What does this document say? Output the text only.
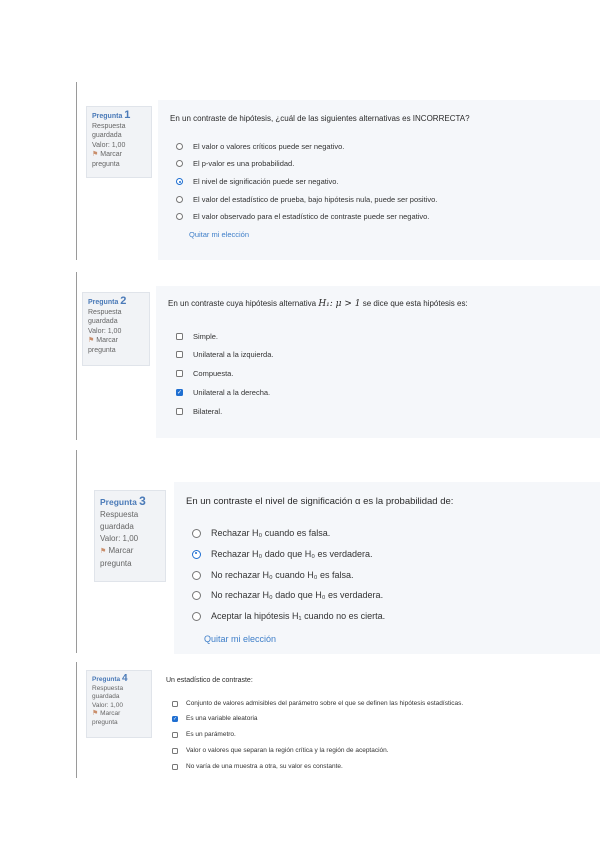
Pregunta 1
Respuesta guardada
Valor: 1,00
⚑ Marcar pregunta
En un contraste de hipótesis, ¿cuál de las siguientes alternativas es INCORRECTA?
El valor o valores críticos puede ser negativo.
El p-valor es una probabilidad.
El nivel de significación puede ser negativo.
El valor del estadístico de prueba, bajo hipótesis nula, puede ser positivo.
El valor observado para el estadístico de contraste puede ser negativo.
Quitar mi elección
Pregunta 2
Respuesta guardada
Valor: 1,00
⚑ Marcar pregunta
En un contraste cuya hipótesis alternativa H₁: μ > 1 se dice que esta hipótesis es:
Simple.
Unilateral a la izquierda.
Compuesta.
✓ Unilateral a la derecha.
Bilateral.
Pregunta 3
Respuesta guardada
Valor: 1,00
⚑ Marcar pregunta
En un contraste el nivel de significación α es la probabilidad de:
Rechazar H₀ cuando es falsa.
Rechazar H₀ dado que H₀ es verdadera.
No rechazar H₀ cuando H₀ es falsa.
No rechazar H₀ dado que H₀ es verdadera.
Aceptar la hipótesis H₁ cuando no es cierta.
Quitar mi elección
Pregunta 4
Respuesta guardada
Valor: 1,00
⚑ Marcar pregunta
Un estadístico de contraste:
Conjunto de valores admisibles del parámetro sobre el que se definen las hipótesis estadísticas.
✓ Es una variable aleatoria
Es un parámetro.
Valor o valores que separan la región crítica y la región de aceptación.
No varía de una muestra a otra, su valor es constante.
